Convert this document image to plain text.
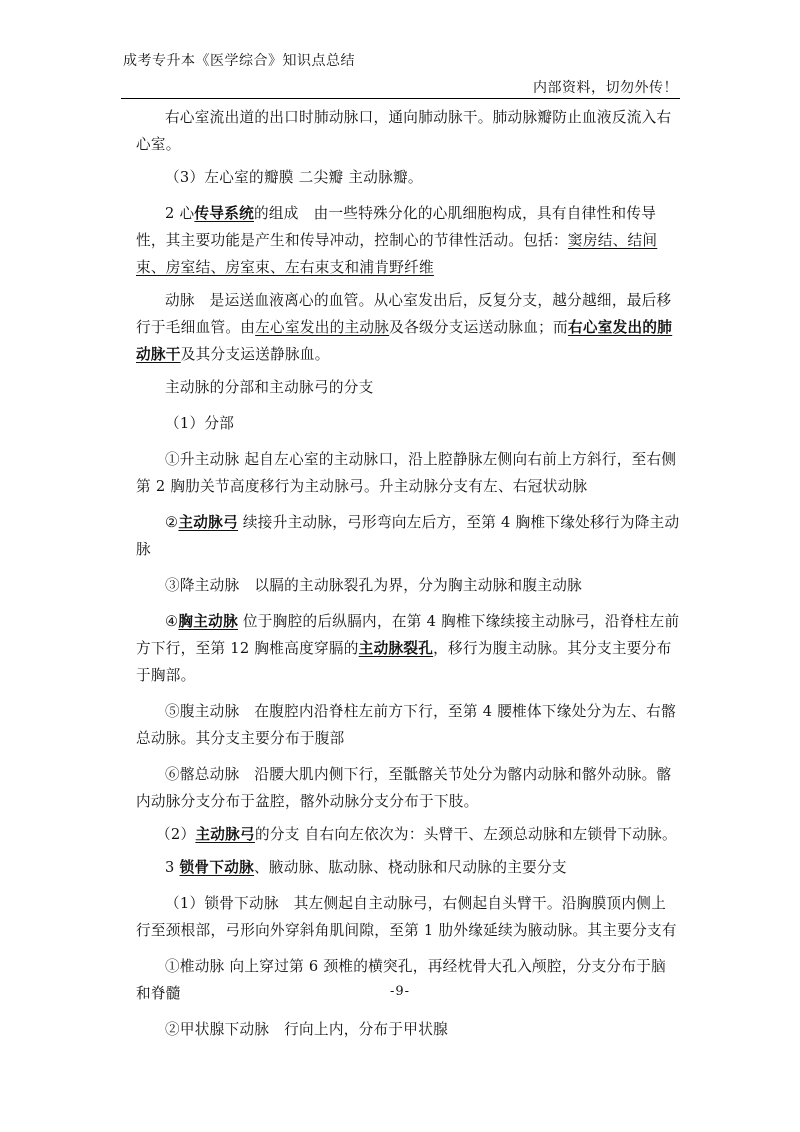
成考专升本《医学综合》知识点总结
内部资料，切勿外传！

右心室流出道的出口时肺动脉口，通向肺动脉干。肺动脉瓣防止血液反流入右心室。

（3）左心室的瓣膜 二尖瓣 主动脉瓣。

2 心传导系统的组成　由一些特殊分化的心肌细胞构成，具有自律性和传导性，其主要功能是产生和传导冲动，控制心的节律性活动。包括：窦房结、结间束、房室结、房室束、左右束支和浦肯野纤维

动脉　是运送血液离心的血管。从心室发出后，反复分支，越分越细，最后移行于毛细血管。由左心室发出的主动脉及各级分支运送动脉血；而右心室发出的肺动脉干及其分支运送静脉血。

主动脉的分部和主动脉弓的分支

（1）分部

①升主动脉 起自左心室的主动脉口，沿上腔静脉左侧向右前上方斜行，至右侧第 2 胸肋关节高度移行为主动脉弓。升主动脉分支有左、右冠状动脉

②主动脉弓 续接升主动脉，弓形弯向左后方，至第 4 胸椎下缘处移行为降主动脉

③降主动脉　以膈的主动脉裂孔为界，分为胸主动脉和腹主动脉

④胸主动脉 位于胸腔的后纵膈内，在第 4 胸椎下缘续接主动脉弓，沿脊柱左前方下行，至第 12 胸椎高度穿膈的主动脉裂孔，移行为腹主动脉。其分支主要分布于胸部。

⑤腹主动脉　在腹腔内沿脊柱左前方下行，至第 4 腰椎体下缘处分为左、右髂总动脉。其分支主要分布于腹部

⑥髂总动脉　沿腰大肌内侧下行，至骶髂关节处分为髂内动脉和髂外动脉。髂内动脉分支分布于盆腔，髂外动脉分支分布于下肢。

（2）主动脉弓的分支 自右向左依次为：头臂干、左颈总动脉和左锁骨下动脉。

3 锁骨下动脉、腋动脉、肱动脉、桡动脉和尺动脉的主要分支

（1）锁骨下动脉　其左侧起自主动脉弓，右侧起自头臂干。沿胸膜顶内侧上行至颈根部，弓形向外穿斜角肌间隙，至第 1 肋外缘延续为腋动脉。其主要分支有

①椎动脉 向上穿过第 6 颈椎的横突孔，再经枕骨大孔入颅腔，分支分布于脑和脊髓

②甲状腺下动脉　行向上内，分布于甲状腺

-9-
